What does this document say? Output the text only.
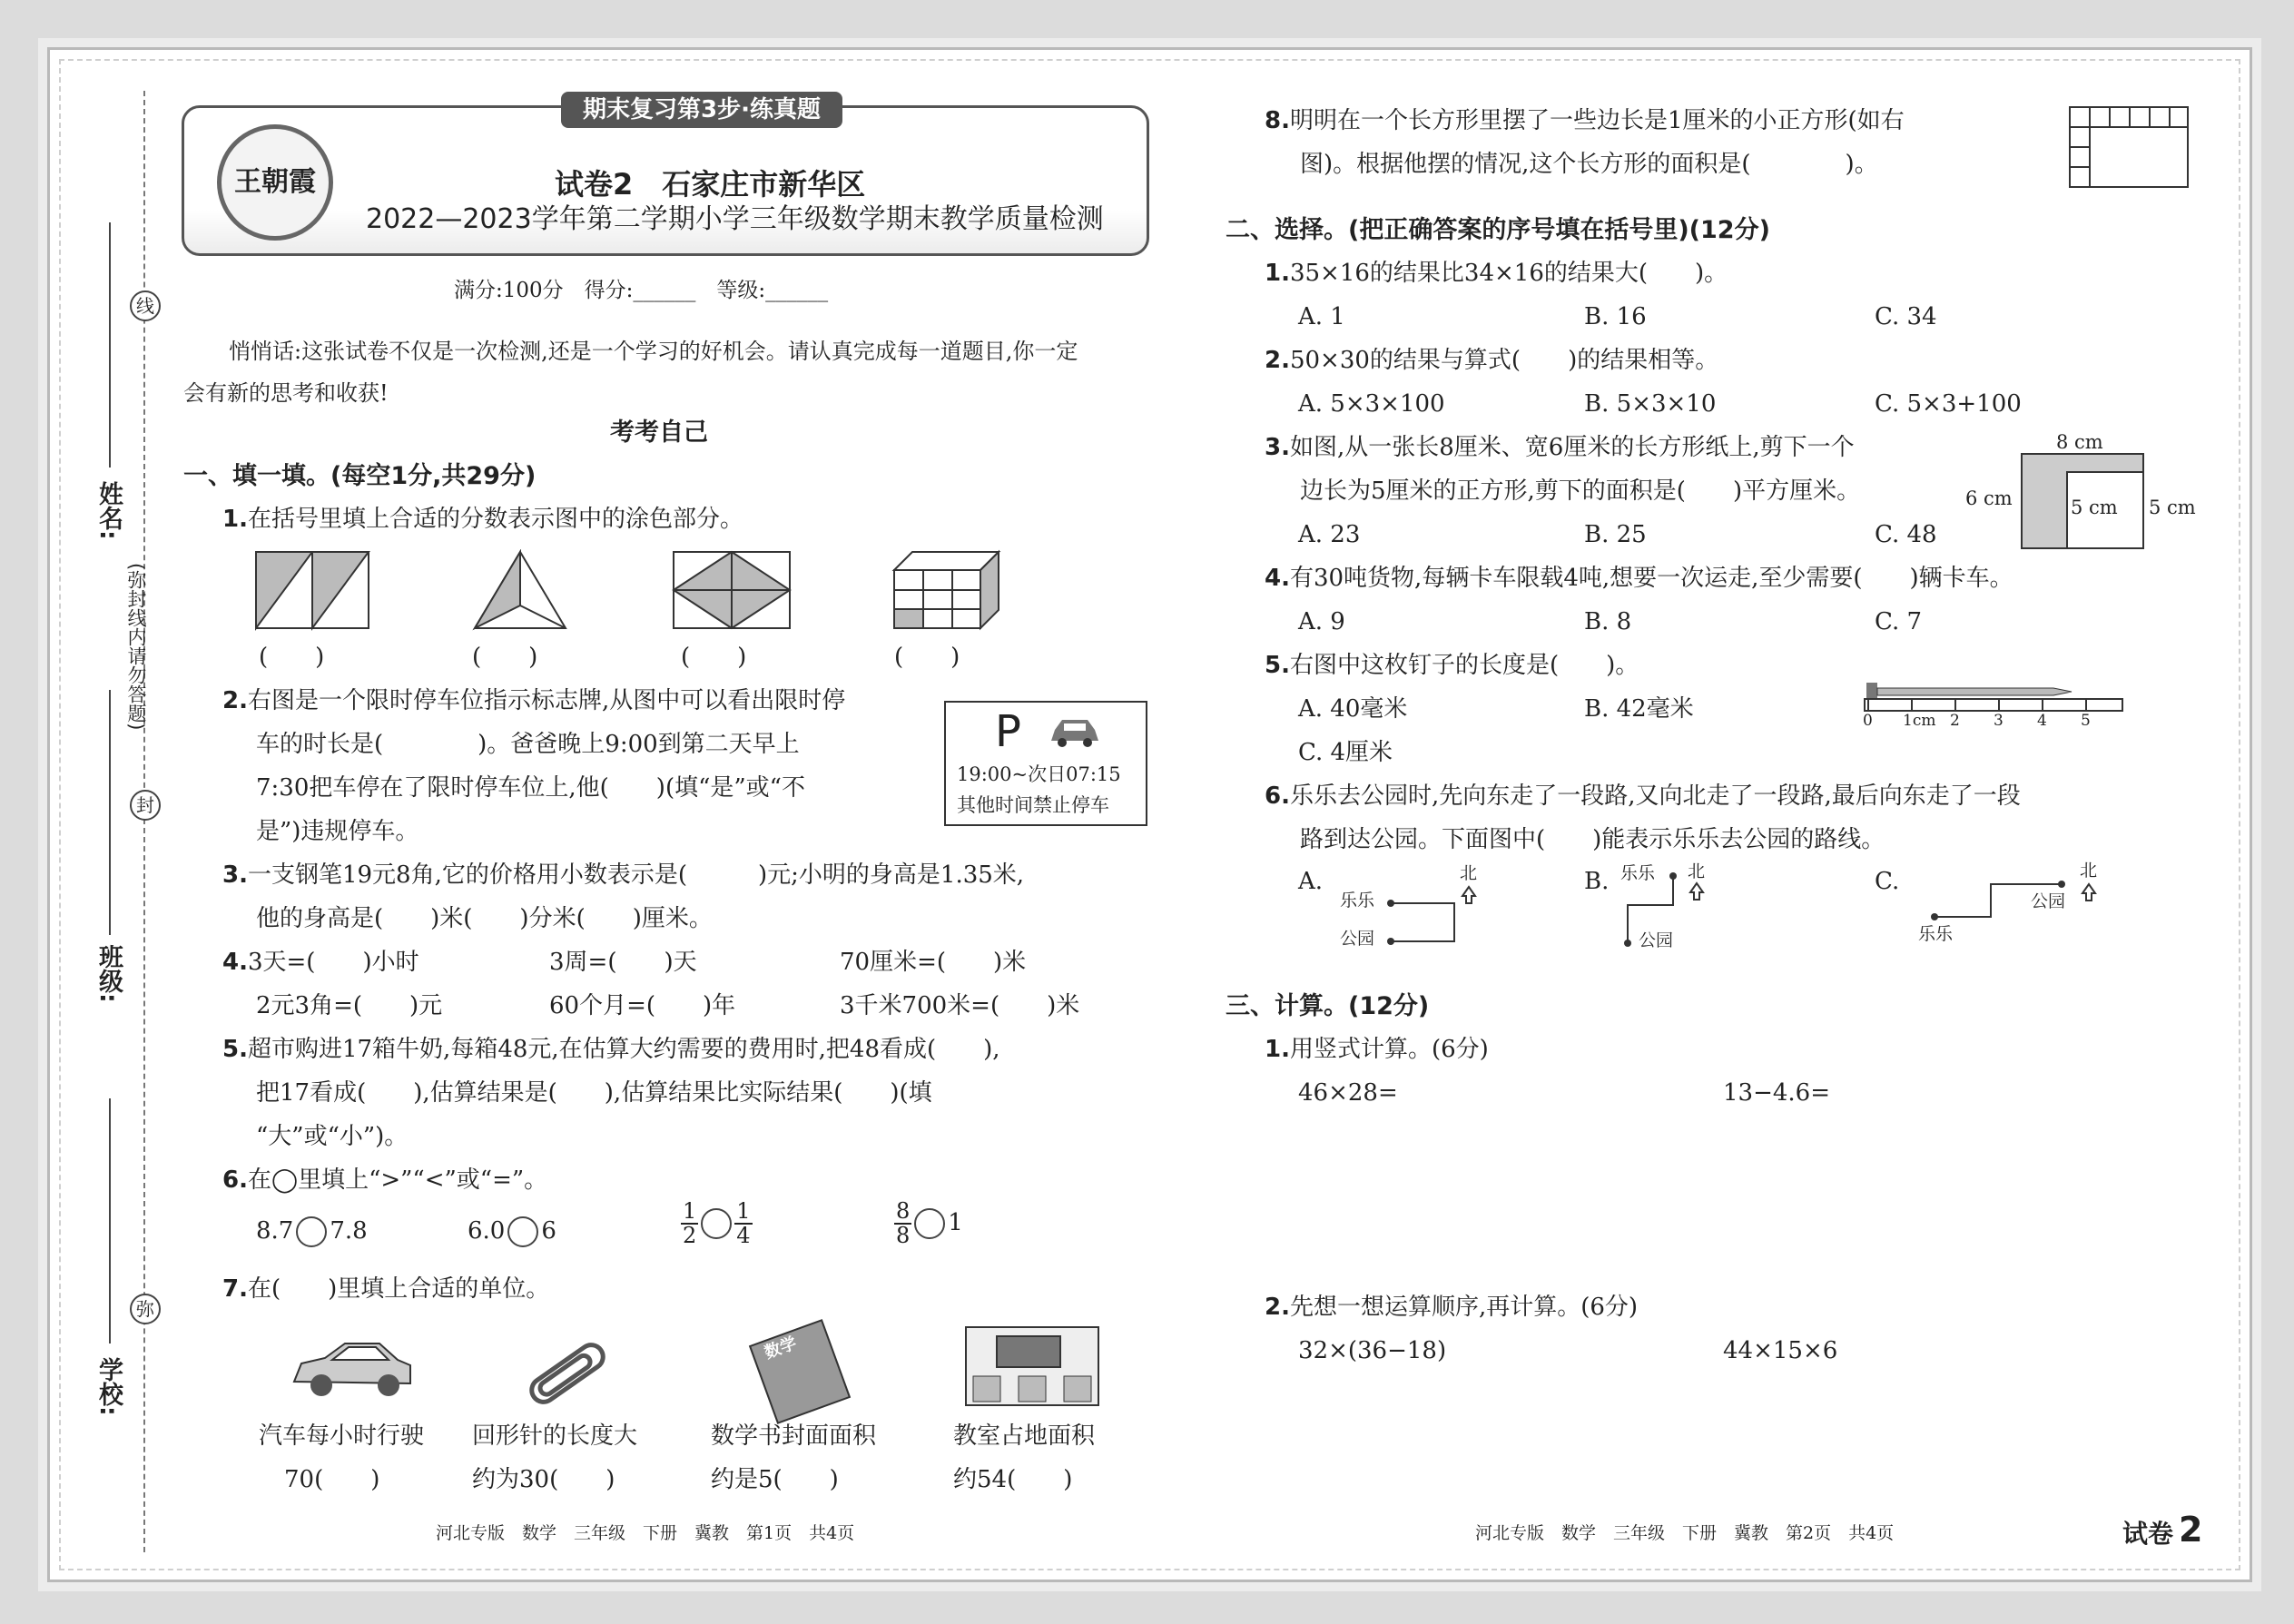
线
封
弥
(弥封线内请勿答题)
姓名:
班级:
学校:
期末复习第3步·练真题
王朝霞	试卷2　石家庄市新华区
2022—2023学年第二学期小学三年级数学期末教学质量检测
满分:100分　得分:______　等级:______
悄悄话:这张试卷不仅是一次检测,还是一个学习的好机会。请认真完成每一道题目,你一定
会有新的思考和收获!
考考自己
一、填一填。(每空1分,共29分)
1.在括号里填上合适的分数表示图中的涂色部分。
(　　)	(　　)	(　　)	(　　)
2.右图是一个限时停车位指示标志牌,从图中可以看出限时停
车的时长是(　　　　)。爸爸晚上9:00到第二天早上
7:30把车停在了限时停车位上,他(　　)(填“是”或“不
是”)违规停车。
P
19:00~次日07:15
其他时间禁止停车
3.一支钢笔19元8角,它的价格用小数表示是(　　　)元;小明的身高是1.35米,
他的身高是(　　)米(　　)分米(　　)厘米。
4.3天=(　　)小时	3周=(　　)天	70厘米=(　　)米
2元3角=(　　)元	60个月=(　　)年	3千米700米=(　　)米
5.超市购进17箱牛奶,每箱48元,在估算大约需要的费用时,把48看成(　　),
把17看成(　　),估算结果是(　　),估算结果比实际结果(　　)(填
“大”或“小”)。
6.在◯里填上“>”“<”或“=”。
8.7 7.8	6.0 6	$\frac{1}{2} \frac{1}{4}$	$\frac{8}{8} 1$
7.在(　　)里填上合适的单位。
数学
汽车每小时行驶
70(　　)
回形针的长度大
约为30(　　)
数学书封面面积
约是5(　　)
教室占地面积
约54(　　)
河北专版　数学　三年级　下册　冀教　第1页　共4页
8.明明在一个长方形里摆了一些边长是1厘米的小正方形(如右
图)。根据他摆的情况,这个长方形的面积是(　　　　)。
二、选择。(把正确答案的序号填在括号里)(12分)
1.35×16的结果比34×16的结果大(　　)。
A. 1	B. 16	C. 34
2.50×30的结果与算式(　　)的结果相等。
A. 5×3×100	B. 5×3×10	C. 5×3+100
3.如图,从一张长8厘米、宽6厘米的长方形纸上,剪下一个
边长为5厘米的正方形,剪下的面积是(　　)平方厘米。
A. 23	B. 25	C. 48
8 cm
6 cm	5 cm 5 cm
4.有30吨货物,每辆卡车限载4吨,想要一次运走,至少需要(　　)辆卡车。
A. 9	B. 8	C. 7
5.右图中这枚钉子的长度是(　　)。
A. 40毫米	B. 42毫米
C. 4厘米
0 1cm 2 3 4 5
6.乐乐去公园时,先向东走了一段路,又向北走了一段路,最后向东走了一段
路到达公园。下面图中(　　)能表示乐乐去公园的路线。
A.
乐乐
公园
北	B. 乐乐
公园
北	C.
乐乐
公园
北
三、计算。(12分)
1.用竖式计算。(6分)
46×28=	13−4.6=
2.先想一想运算顺序,再计算。(6分)
32×(36−18)	44×15×6
河北专版　数学　三年级　下册　冀教　第2页　共4页	试卷 2
